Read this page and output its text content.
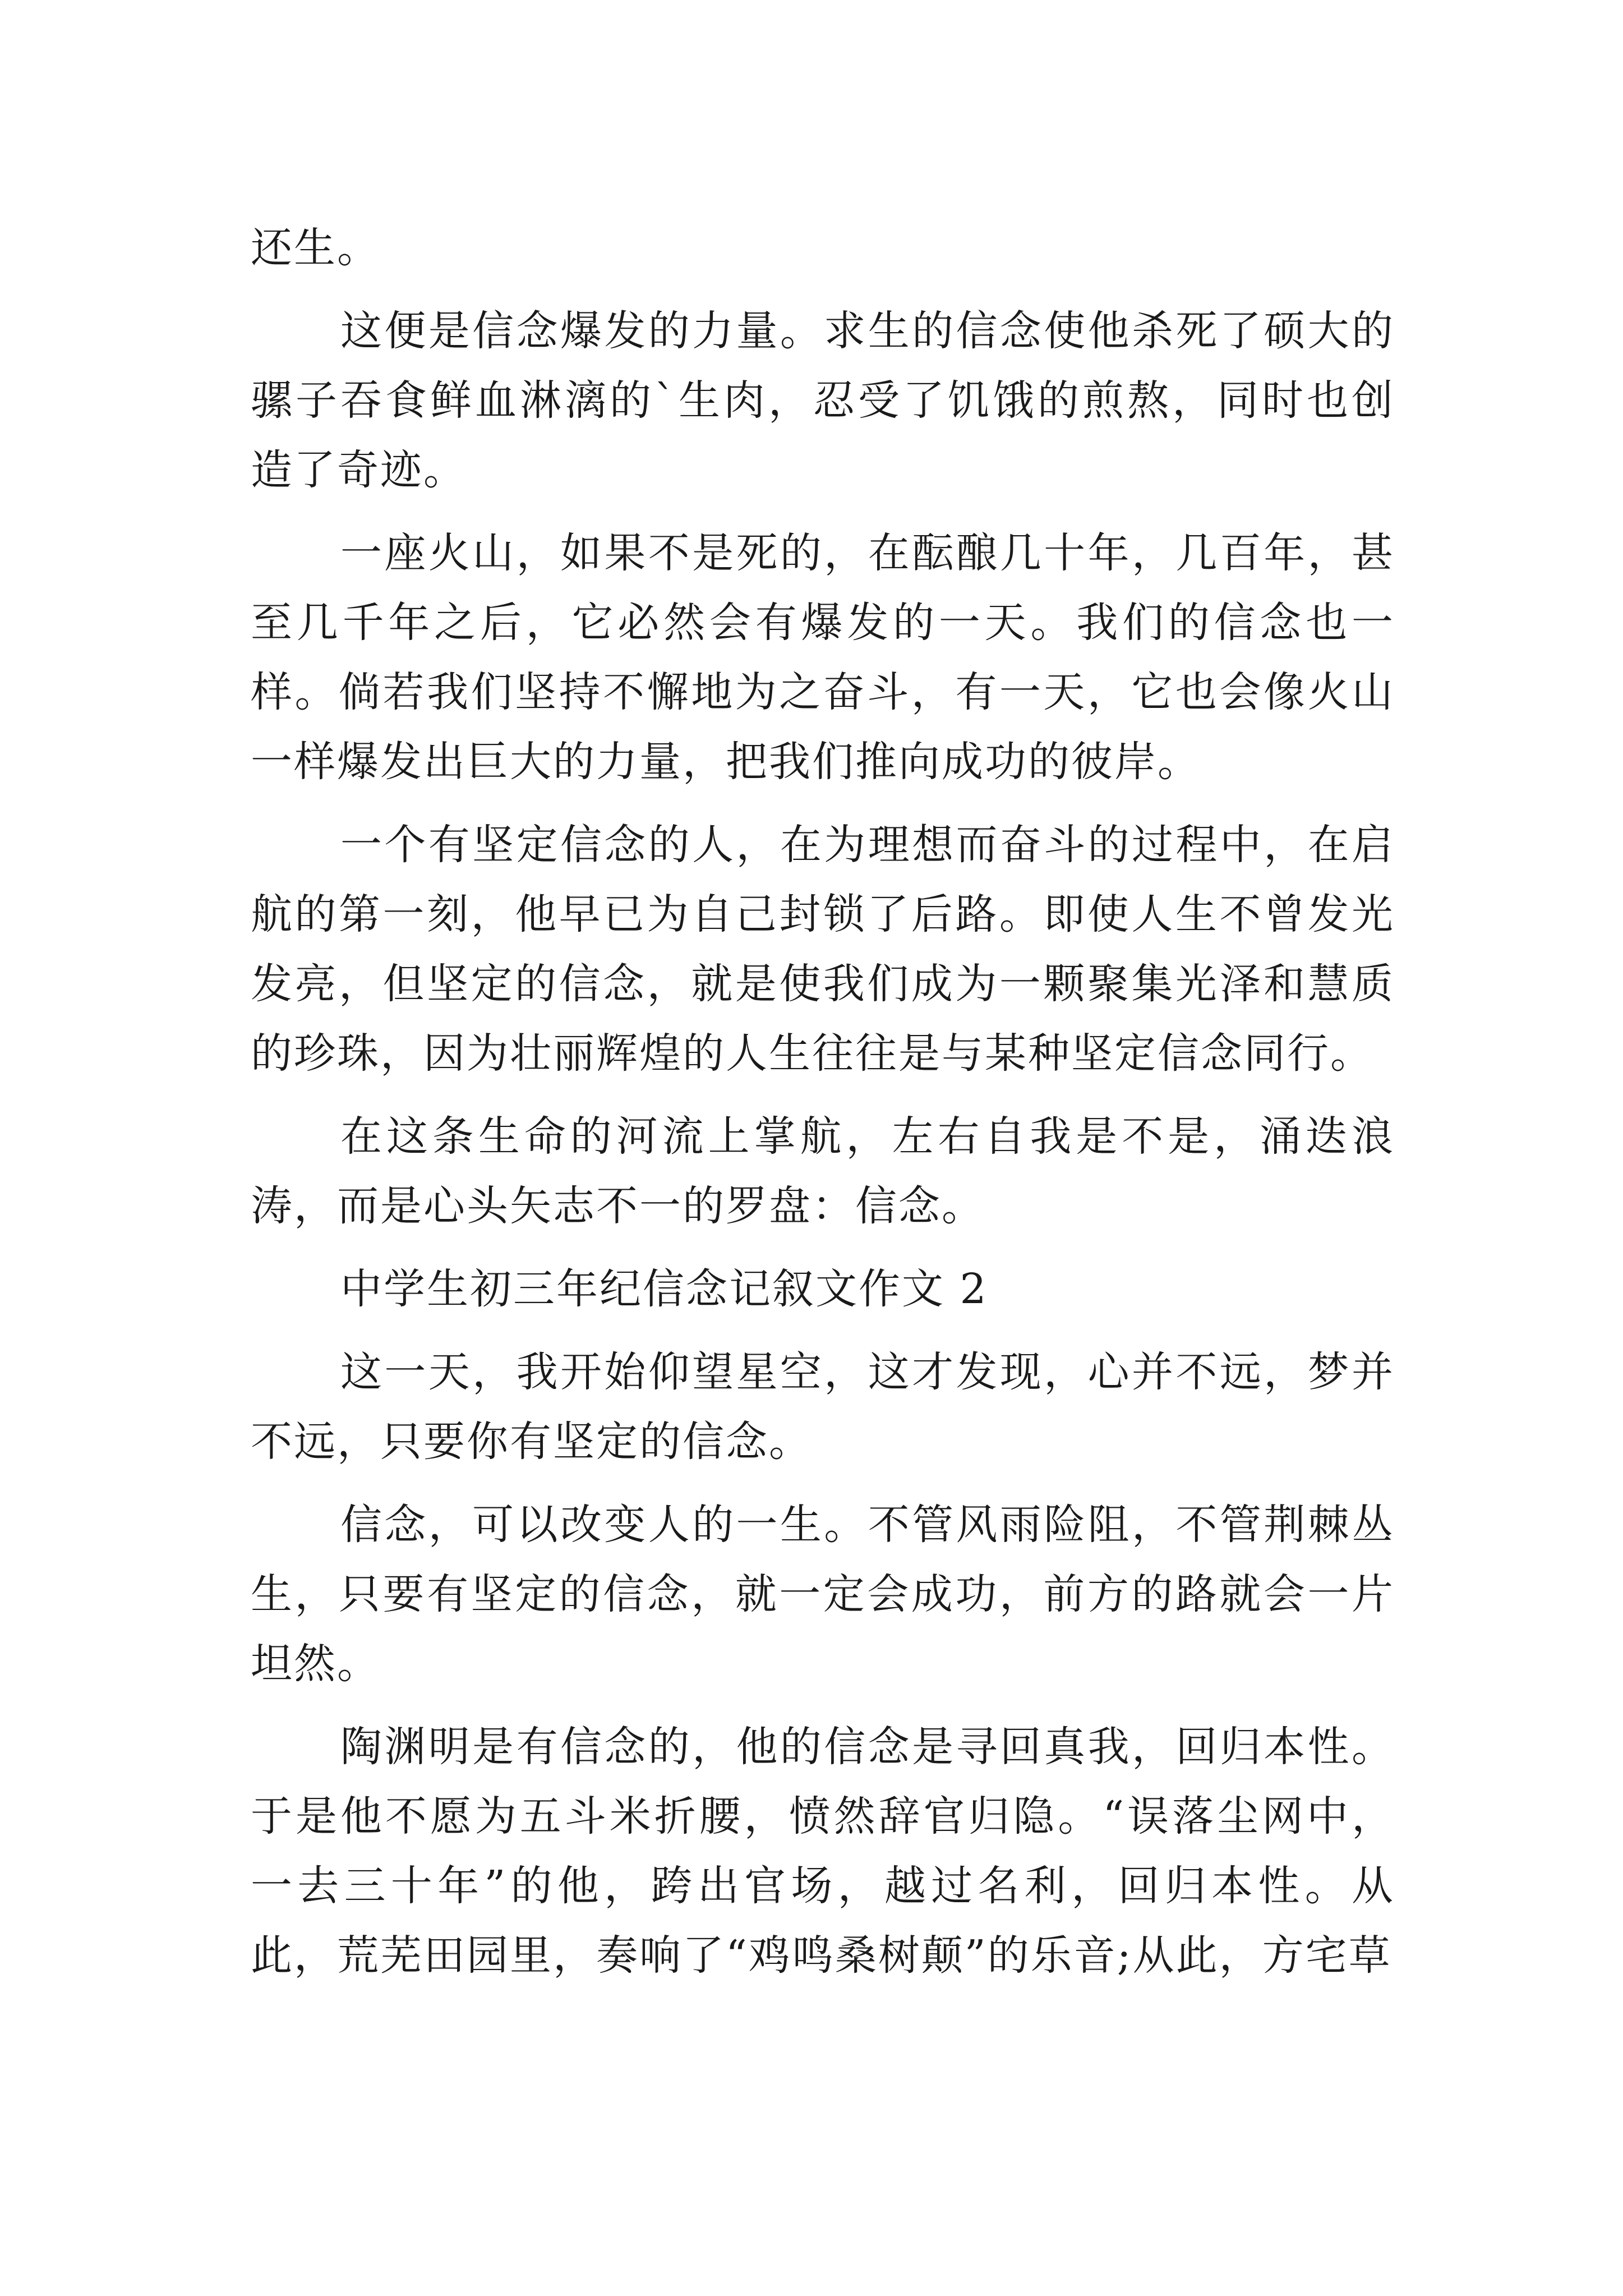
还生。

这便是信念爆发的力量。求生的信念使他杀死了硕大的骡子吞食鲜血淋漓的`生肉，忍受了饥饿的煎熬，同时也创造了奇迹。

一座火山，如果不是死的，在酝酿几十年，几百年，甚至几千年之后，它必然会有爆发的一天。我们的信念也一样。倘若我们坚持不懈地为之奋斗，有一天，它也会像火山一样爆发出巨大的力量，把我们推向成功的彼岸。

一个有坚定信念的人，在为理想而奋斗的过程中，在启航的第一刻，他早已为自己封锁了后路。即使人生不曾发光发亮，但坚定的信念，就是使我们成为一颗聚集光泽和慧质的珍珠，因为壮丽辉煌的人生往往是与某种坚定信念同行。

在这条生命的河流上掌航，左右自我是不是，涌迭浪涛，而是心头矢志不一的罗盘：信念。

中学生初三年纪信念记叙文作文 2

这一天，我开始仰望星空，这才发现，心并不远，梦并不远，只要你有坚定的信念。

信念，可以改变人的一生。不管风雨险阻，不管荆棘丛生，只要有坚定的信念，就一定会成功，前方的路就会一片坦然。

陶渊明是有信念的，他的信念是寻回真我，回归本性。于是他不愿为五斗米折腰，愤然辞官归隐。“误落尘网中，一去三十年”的他，跨出官场，越过名利，回归本性。从此，荒芜田园里，奏响了“鸡鸣桑树颠”的乐音;从此，方宅草
